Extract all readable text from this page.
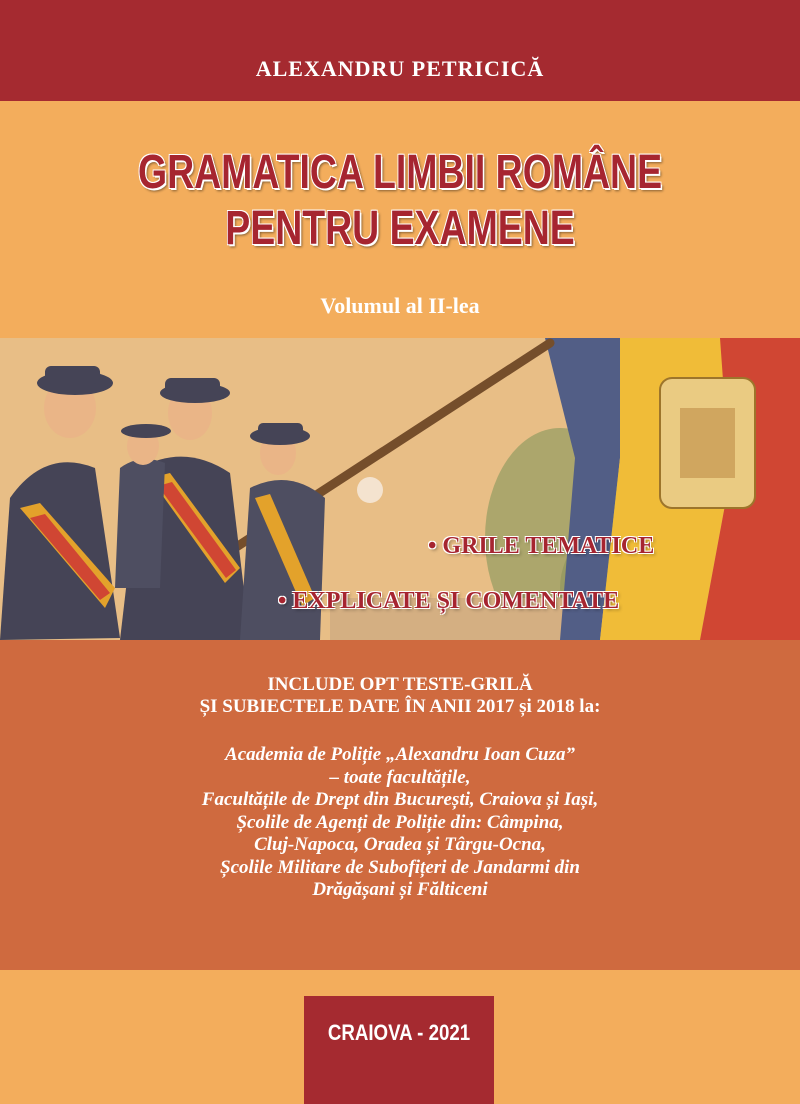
ALEXANDRU PETRICICĂ
GRAMATICA LIMBII ROMÂNE
PENTRU EXAMENE
Volumul al II-lea
• GRILE TEMATICE
• EXPLICATE ȘI COMENTATE
INCLUDE OPT TESTE-GRILĂ
ȘI SUBIECTELE DATE ÎN ANII 2017 și 2018 la:
Academia de Poliție „Alexandru Ioan Cuza”
– toate facultățile,
Facultățile de Drept din București, Craiova și Iași,
Școlile de Agenți de Poliție din: Câmpina,
Cluj-Napoca, Oradea și Târgu-Ocna,
Școlile Militare de Subofițeri de Jandarmi din
Drăgășani și Fălticeni
CRAIOVA - 2021
